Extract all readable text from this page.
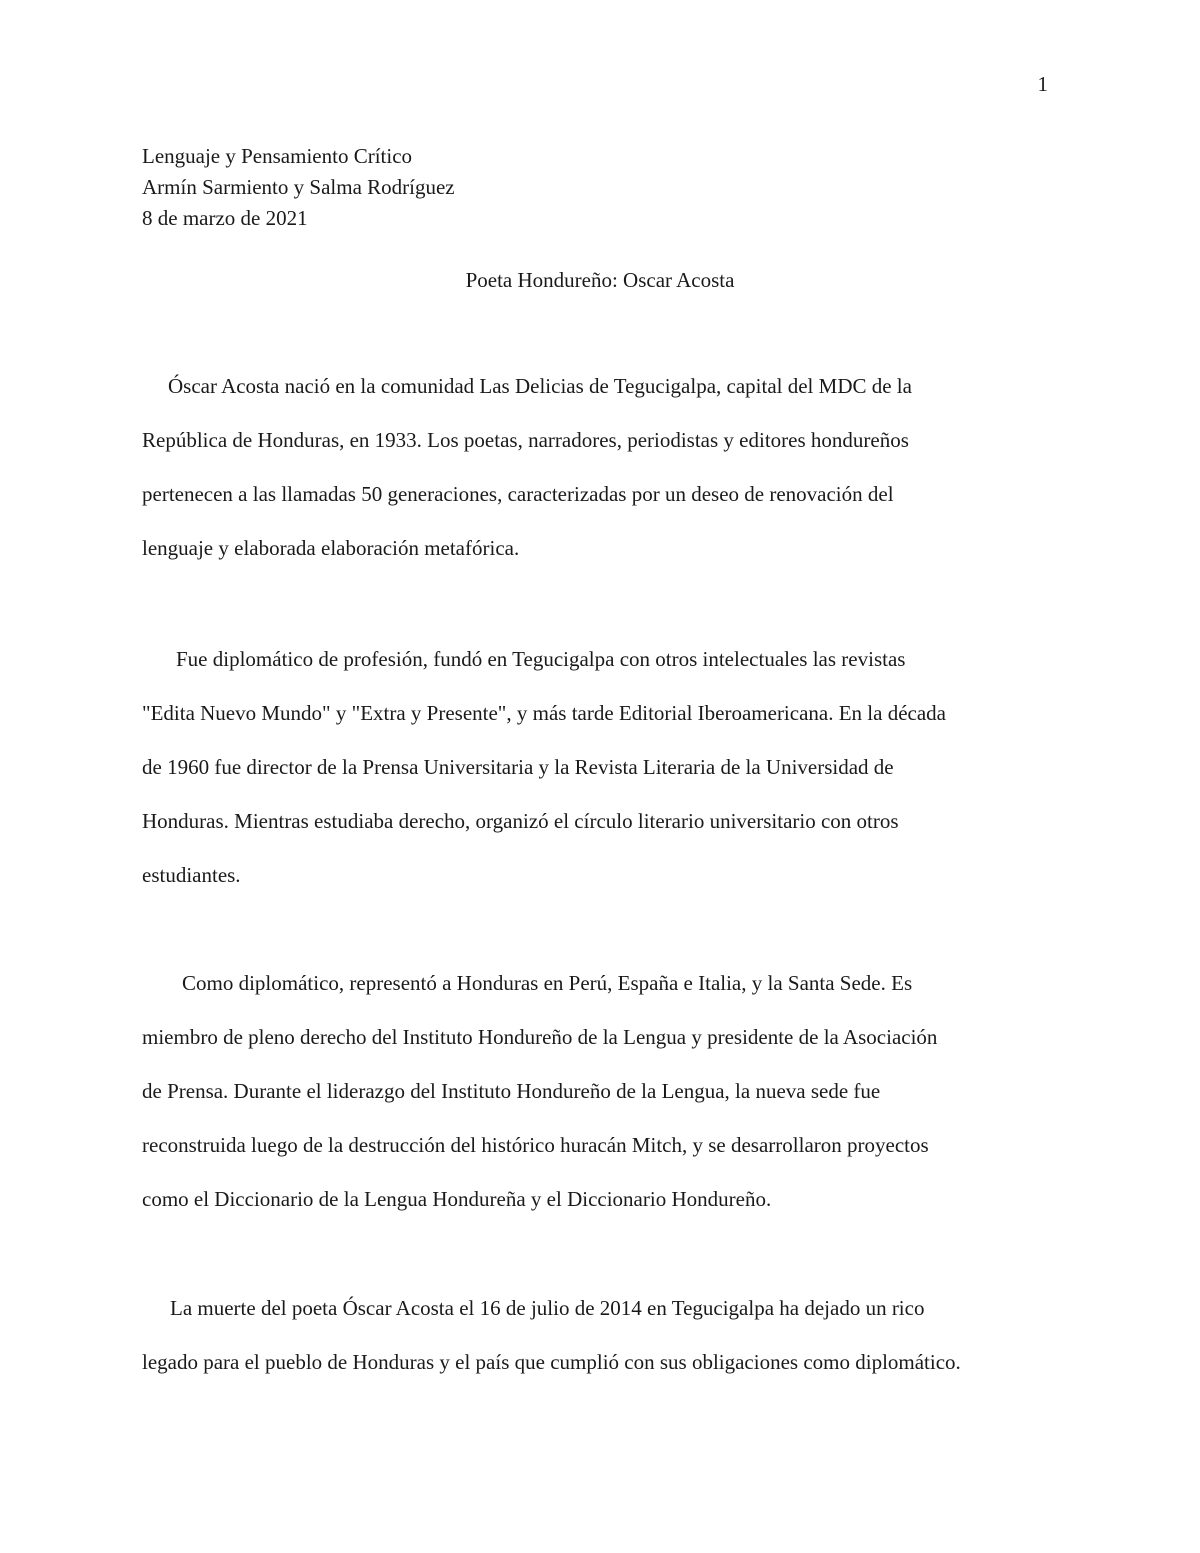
1
Lenguaje y Pensamiento Crítico
Armín Sarmiento y Salma Rodríguez
8 de marzo de 2021
Poeta Hondureño: Oscar Acosta
Óscar Acosta nació en la comunidad Las Delicias de Tegucigalpa, capital del MDC de la
República de Honduras, en 1933. Los poetas, narradores, periodistas y editores hondureños
pertenecen a las llamadas 50 generaciones, caracterizadas por un deseo de renovación del
lenguaje y elaborada elaboración metafórica.
Fue diplomático de profesión, fundó en Tegucigalpa con otros intelectuales las revistas
"Edita Nuevo Mundo" y "Extra y Presente", y más tarde Editorial Iberoamericana. En la década
de 1960 fue director de la Prensa Universitaria y la Revista Literaria de la Universidad de
Honduras. Mientras estudiaba derecho, organizó el círculo literario universitario con otros
estudiantes.
Como diplomático, representó a Honduras en Perú, España e Italia, y la Santa Sede. Es
miembro de pleno derecho del Instituto Hondureño de la Lengua y presidente de la Asociación
de Prensa. Durante el liderazgo del Instituto Hondureño de la Lengua, la nueva sede fue
reconstruida luego de la destrucción del histórico huracán Mitch, y se desarrollaron proyectos
como el Diccionario de la Lengua Hondureña y el Diccionario Hondureño.
La muerte del poeta Óscar Acosta el 16 de julio de 2014 en Tegucigalpa ha dejado un rico
legado para el pueblo de Honduras y el país que cumplió con sus obligaciones como diplomático.
